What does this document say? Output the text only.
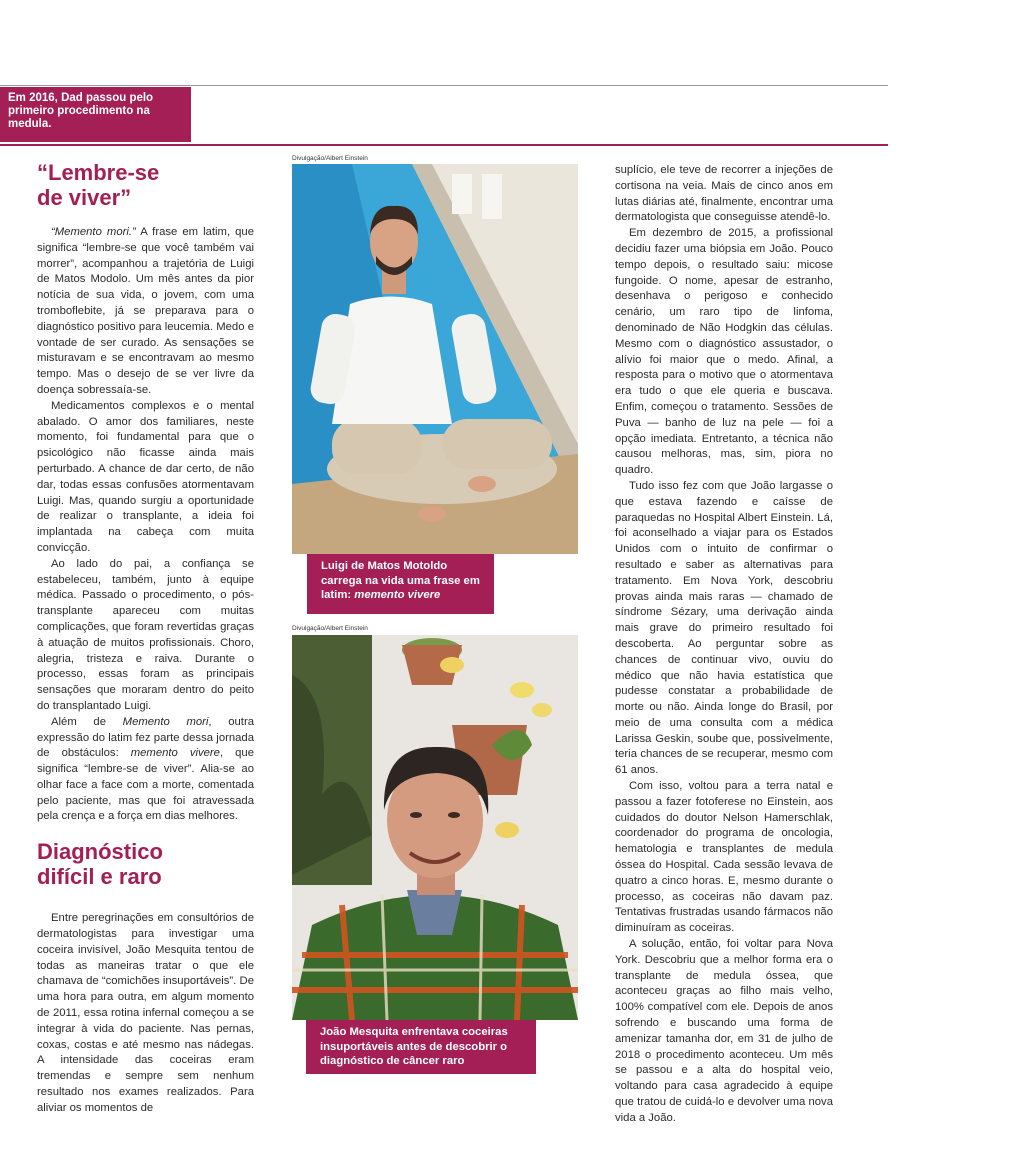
Em 2016, Dad passou pelo primeiro procedimento na medula.
“Lembre-se
de viver”

“Memento mori.” A frase em latim, que significa “lembre-se que você também vai morrer”, acompanhou a trajetória de Luigi de Matos Modolo. Um mês antes da pior notícia de sua vida, o jovem, com uma tromboflebite, já se preparava para o diagnóstico positivo para leucemia. Medo e vontade de ser curado. As sensações se misturavam e se encontravam ao mesmo tempo. Mas o desejo de se ver livre da doença sobressaía-se.

Medicamentos complexos e o mental abalado. O amor dos familiares, neste momento, foi fundamental para que o psicológico não ficasse ainda mais perturbado. A chance de dar certo, de não dar, todas essas confusões atormentavam Luigi. Mas, quando surgiu a oportunidade de realizar o transplante, a ideia foi implantada na cabeça com muita convicção.

Ao lado do pai, a confiança se estabeleceu, também, junto à equipe médica. Passado o procedimento, o pós-transplante apareceu com muitas complicações, que foram revertidas graças à atuação de muitos profissionais. Choro, alegria, tristeza e raiva. Durante o processo, essas foram as principais sensações que moraram dentro do peito do transplantado Luigi.

Além de Memento mori, outra expressão do latim fez parte dessa jornada de obstáculos: memento vivere, que significa “lembre-se de viver”. Alia-se ao olhar face a face com a morte, comentada pelo paciente, mas que foi atravessada pela crença e a força em dias melhores.

Diagnóstico
difícil e raro

Entre peregrinações em consultórios de dermatologistas para investigar uma coceira invisível, João Mesquita tentou de todas as maneiras tratar o que ele chamava de “comichões insuportáveis”. De uma hora para outra, em algum momento de 2011, essa rotina infernal começou a se integrar à vida do paciente. Nas pernas, coxas, costas e até mesmo nas nádegas. A intensidade das coceiras eram tremendas e sempre sem nenhum resultado nos exames realizados. Para aliviar os momentos de

Divulgação/Albert Einstein
Luigi de Matos Motoldo carrega na vida uma frase em latim: memento vivere
Divulgação/Albert Einstein
João Mesquita enfrentava coceiras insuportáveis antes de descobrir o diagnóstico de câncer raro

suplício, ele teve de recorrer a injeções de cortisona na veia. Mais de cinco anos em lutas diárias até, finalmente, encontrar uma dermatologista que conseguisse atendê-lo.

Em dezembro de 2015, a profissional decidiu fazer uma biópsia em João. Pouco tempo depois, o resultado saiu: micose fungoide. O nome, apesar de estranho, desenhava o perigoso e conhecido cenário, um raro tipo de linfoma, denominado de Não Hodgkin das células. Mesmo com o diagnóstico assustador, o alívio foi maior que o medo. Afinal, a resposta para o motivo que o atormentava era tudo o que ele queria e buscava. Enfim, começou o tratamento. Sessões de Puva — banho de luz na pele — foi a opção imediata. Entretanto, a técnica não causou melhoras, mas, sim, piora no quadro.

Tudo isso fez com que João largasse o que estava fazendo e caísse de paraquedas no Hospital Albert Einstein. Lá, foi aconselhado a viajar para os Estados Unidos com o intuito de confirmar o resultado e saber as alternativas para tratamento. Em Nova York, descobriu provas ainda mais raras — chamado de síndrome Sézary, uma derivação ainda mais grave do primeiro resultado foi descoberta. Ao perguntar sobre as chances de continuar vivo, ouviu do médico que não havia estatística que pudesse constatar a probabilidade de morte ou não. Ainda longe do Brasil, por meio de uma consulta com a médica Larissa Geskin, soube que, possivelmente, teria chances de se recuperar, mesmo com 61 anos.

Com isso, voltou para a terra natal e passou a fazer fotoferese no Einstein, aos cuidados do doutor Nelson Hamerschlak, coordenador do programa de oncologia, hematologia e transplantes de medula óssea do Hospital. Cada sessão levava de quatro a cinco horas. E, mesmo durante o processo, as coceiras não davam paz. Tentativas frustradas usando fármacos não diminuíram as coceiras.

A solução, então, foi voltar para Nova York. Descobriu que a melhor forma era o transplante de medula óssea, que aconteceu graças ao filho mais velho, 100% compatível com ele. Depois de anos sofrendo e buscando uma forma de amenizar tamanha dor, em 31 de julho de 2018 o procedimento aconteceu. Um mês se passou e a alta do hospital veio, voltando para casa agradecido à equipe que tratou de cuidá-lo e devolver uma nova vida a João.
